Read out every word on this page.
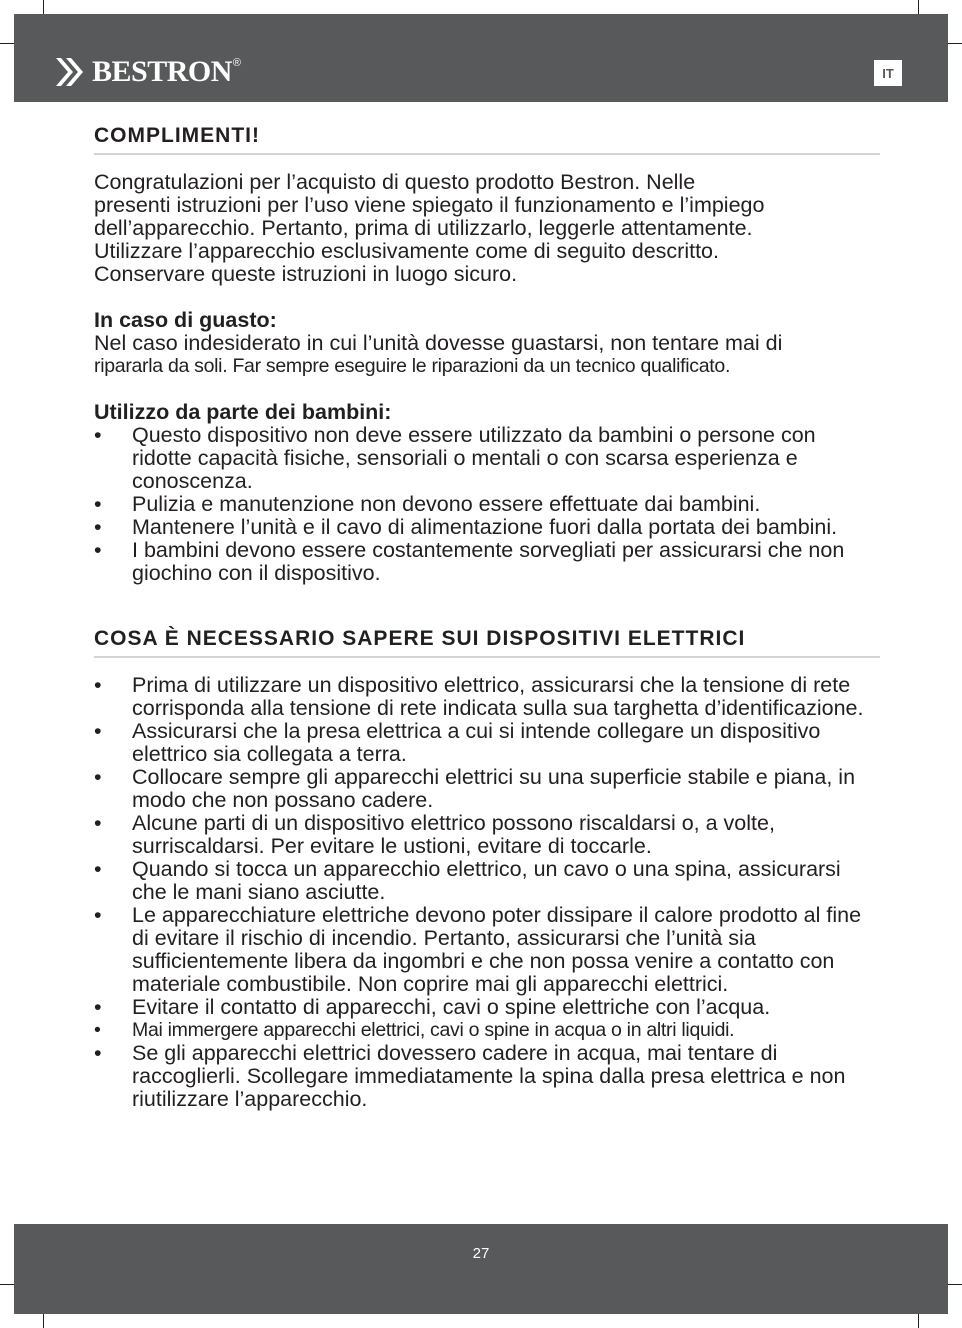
BESTRON ®
IT
COMPLIMENTI!

Congratulazioni per l’acquisto di questo prodotto Bestron. Nelle

presenti istruzioni per l’uso viene spiegato il funzionamento e l’impiego

dell’apparecchio. Pertanto, prima di utilizzarlo, leggerle attentamente.

Utilizzare l’apparecchio esclusivamente come di seguito descritto.

Conservare queste istruzioni in luogo sicuro.

In caso di guasto:

Nel caso indesiderato in cui l’unità dovesse guastarsi, non tentare mai di

ripararla da soli. Far sempre eseguire le riparazioni da un tecnico qualificato.

Utilizzo da parte dei bambini:

• Questo dispositivo non deve essere utilizzato da bambini o persone con ridotte capacità fisiche, sensoriali o mentali o con scarsa esperienza e conoscenza.
• Pulizia e manutenzione non devono essere effettuate dai bambini.
• Mantenere l’unità e il cavo di alimentazione fuori dalla portata dei bambini.
• I bambini devono essere costantemente sorvegliati per assicurarsi che non giochino con il dispositivo.
COSA È NECESSARIO SAPERE SUI DISPOSITIVI ELETTRICI
• Prima di utilizzare un dispositivo elettrico, assicurarsi che la tensione di rete corrisponda alla tensione di rete indicata sulla sua targhetta d’identificazione.
• Assicurarsi che la presa elettrica a cui si intende collegare un dispositivo elettrico sia collegata a terra.
• Collocare sempre gli apparecchi elettrici su una superficie stabile e piana, in modo che non possano cadere.
• Alcune parti di un dispositivo elettrico possono riscaldarsi o, a volte, surriscaldarsi. Per evitare le ustioni, evitare di toccarle.
• Quando si tocca un apparecchio elettrico, un cavo o una spina, assicurarsi che le mani siano asciutte.
• Le apparecchiature elettriche devono poter dissipare il calore prodotto al fine di evitare il rischio di incendio. Pertanto, assicurarsi che l’unità sia sufficientemente libera da ingombri e che non possa venire a contatto con materiale combustibile. Non coprire mai gli apparecchi elettrici.
• Evitare il contatto di apparecchi, cavi o spine elettriche con l’acqua.
• Mai immergere apparecchi elettrici, cavi o spine in acqua o in altri liquidi.
• Se gli apparecchi elettrici dovessero cadere in acqua, mai tentare di raccoglierli. Scollegare immediatamente la spina dalla presa elettrica e non riutilizzare l’apparecchio.
27
